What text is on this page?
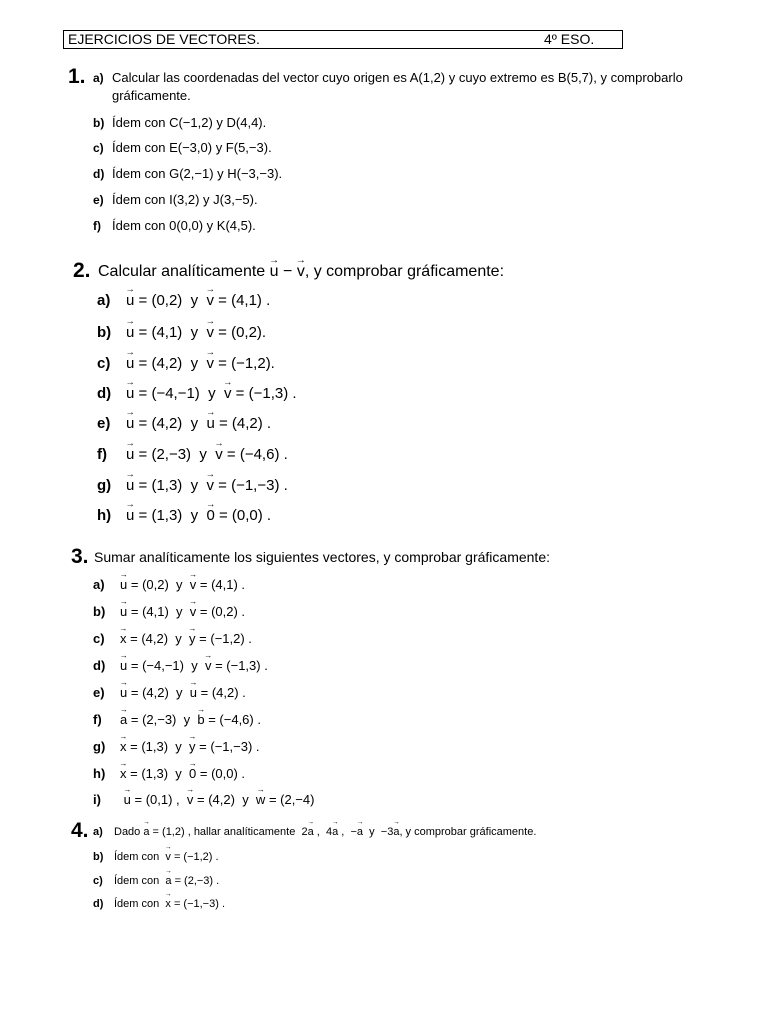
EJERCICIOS DE VECTORES.	4º ESO.
1. a) Calcular las coordenadas del vector cuyo origen es A(1,2) y cuyo extremo es B(5,7), y comprobarlo
gráficamente.
b) Ídem con C(−1,2) y D(4,4).
c) Ídem con E(−3,0) y F(5,−3).
d) Ídem con G(2,−1) y H(−3,−3).
e) Ídem con I(3,2) y J(3,−5).
f) Ídem con 0(0,0) y K(4,5).
2. Calcular analíticamente → u − → v, y comprobar gráficamente:
a) → u = (0,2) y → v = (4,1) .
b) → u = (4,1) y → v = (0,2).
c) → u = (4,2) y → v = (−1,2).
d) → u = (−4,−1) y → v = (−1,3) .
e) → u = (4,2) y → u = (4,2) .
f) → u = (2,−3) y → v = (−4,6) .
g) → u = (1,3) y → v = (−1,−3) .
h) → u = (1,3) y → 0 = (0,0) .
3. Sumar analíticamente los siguientes vectores, y comprobar gráficamente:
a) → u = (0,2) y → v = (4,1) .
b) → u = (4,1) y → v = (0,2) .
c) → x = (4,2) y → y = (−1,2) .
d) → u = (−4,−1) y → v = (−1,3) .
e) → u = (4,2) y → u = (4,2) .
f) → a = (2,−3) y → b = (−4,6) .
g) → x = (1,3) y → y = (−1,−3) .
h) → x = (1,3) y → 0 = (0,0) .
i) → u = (0,1) , → v = (4,2) y → w = (2,−4)
4. a) Dado → a = (1,2) , hallar analíticamente 2→ a , 4→ a , −→ a y −3→ a, y comprobar gráficamente.
b) Ídem con → v = (−1,2) .
c) Ídem con → a = (2,−3) .
d) Ídem con → x = (−1,−3) .
